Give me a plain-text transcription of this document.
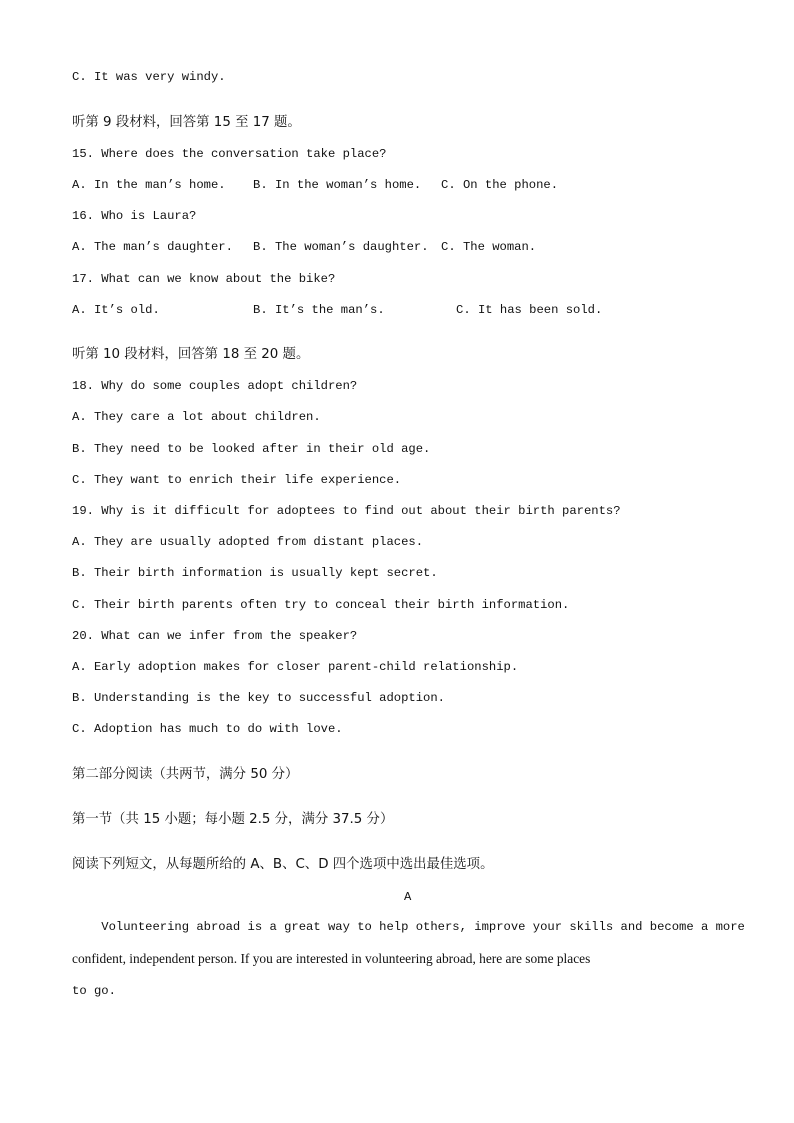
C. It was very windy.
听第 9 段材料，回答第 15 至 17 题。
15. Where does the conversation take place?
A. In the man’s home. B. In the woman’s home. C. On the phone.
16. Who is Laura?
A. The man’s daughter. B. The woman’s daughter. C. The woman.
17. What can we know about the bike?
A. It’s old.	B. It’s the man’s.	C. It has been sold.
听第 10 段材料，回答第 18 至 20 题。
18. Why do some couples adopt children?
A. They care a lot about children.
B. They need to be looked after in their old age.
C. They want to enrich their life experience.
19. Why is it difficult for adoptees to find out about their birth parents?
A. They are usually adopted from distant places.
B. Their birth information is usually kept secret.
C. Their birth parents often try to conceal their birth information.
20. What can we infer from the speaker?
A. Early adoption makes for closer parent-child relationship.
B. Understanding is the key to successful adoption.
C. Adoption has much to do with love.
第二部分阅读（共两节，满分 50 分）
第一节（共 15 小题；每小题 2.5 分，满分 37.5 分）
阅读下列短文，从每题所给的 A、B、C、D 四个选项中选出最佳选项。
A
Volunteering abroad is a great way to help others, improve your skills and become a more
confident, independent person. If you are interested in volunteering abroad, here are some places
to go.
